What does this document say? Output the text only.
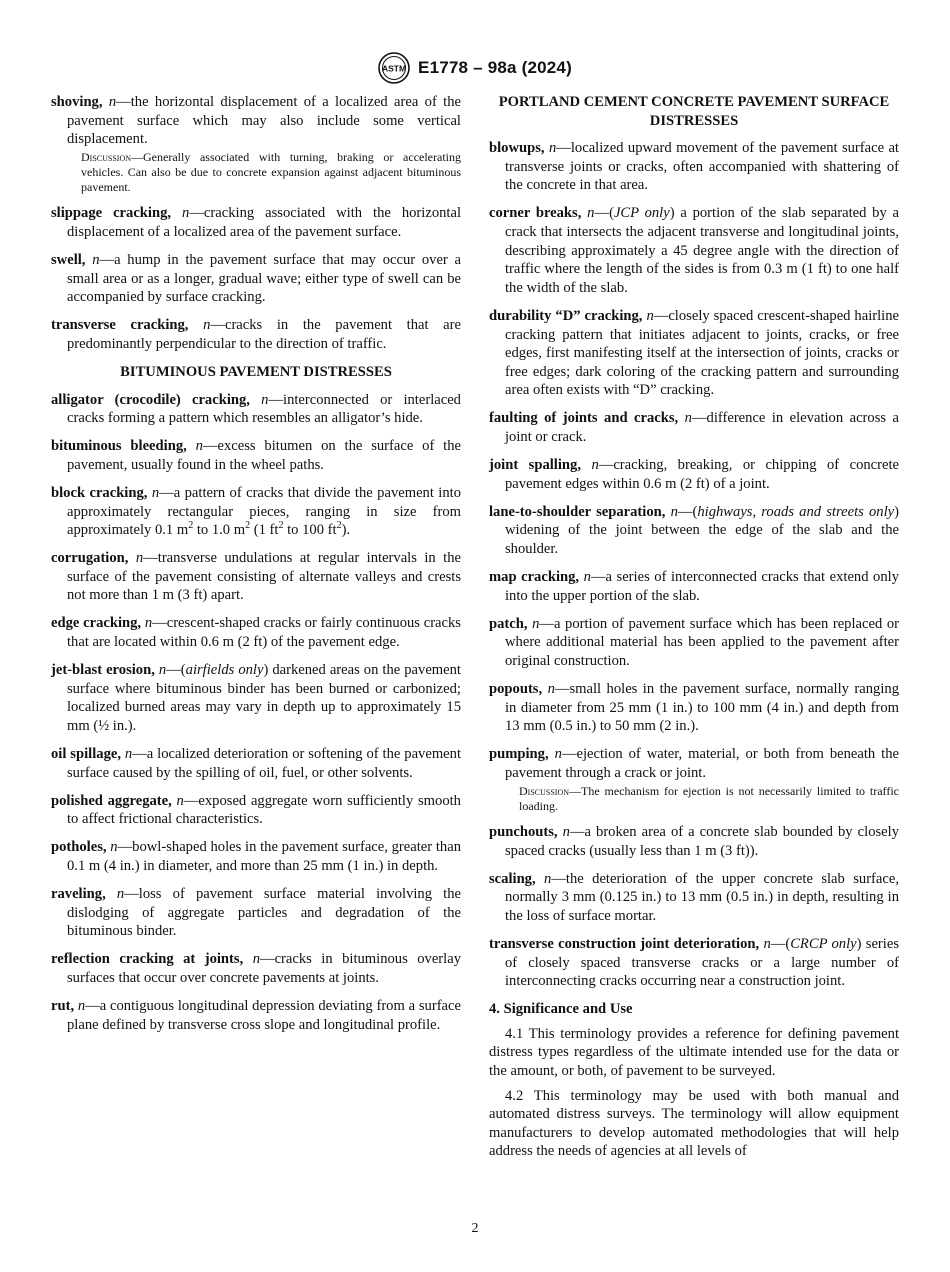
ASTM E1778 – 98a (2024)
shoving, n—the horizontal displacement of a localized area of the pavement surface which may also include some vertical displacement.
Discussion—Generally associated with turning, braking or accelerating vehicles. Can also be due to concrete expansion against adjacent bituminous pavement.
slippage cracking, n—cracking associated with the horizontal displacement of a localized area of the pavement surface.
swell, n—a hump in the pavement surface that may occur over a small area or as a longer, gradual wave; either type of swell can be accompanied by surface cracking.
transverse cracking, n—cracks in the pavement that are predominantly perpendicular to the direction of traffic.
BITUMINOUS PAVEMENT DISTRESSES
alligator (crocodile) cracking, n—interconnected or interlaced cracks forming a pattern which resembles an alligator’s hide.
bituminous bleeding, n—excess bitumen on the surface of the pavement, usually found in the wheel paths.
block cracking, n—a pattern of cracks that divide the pavement into approximately rectangular pieces, ranging in size from approximately 0.1 $m^2$ to 1.0 $m^2$ (1 $ft^2$ to 100 $ft^2$).
corrugation, n—transverse undulations at regular intervals in the surface of the pavement consisting of alternate valleys and crests not more than 1 m (3 ft) apart.
edge cracking, n—crescent-shaped cracks or fairly continuous cracks that are located within 0.6 m (2 ft) of the pavement edge.
jet-blast erosion, n—(airfields only) darkened areas on the pavement surface where bituminous binder has been burned or carbonized; localized burned areas may vary in depth up to approximately 15 mm (½ in.).
oil spillage, n—a localized deterioration or softening of the pavement surface caused by the spilling of oil, fuel, or other solvents.
polished aggregate, n—exposed aggregate worn sufficiently smooth to affect frictional characteristics.
potholes, n—bowl-shaped holes in the pavement surface, greater than 0.1 m (4 in.) in diameter, and more than 25 mm (1 in.) in depth.
raveling, n—loss of pavement surface material involving the dislodging of aggregate particles and degradation of the bituminous binder.
reflection cracking at joints, n—cracks in bituminous overlay surfaces that occur over concrete pavements at joints.
rut, n—a contiguous longitudinal depression deviating from a surface plane defined by transverse cross slope and longitudinal profile.
PORTLAND CEMENT CONCRETE PAVEMENT SURFACE DISTRESSES
blowups, n—localized upward movement of the pavement surface at transverse joints or cracks, often accompanied with shattering of the concrete in that area.
corner breaks, n—(JCP only) a portion of the slab separated by a crack that intersects the adjacent transverse and longitudinal joints, describing approximately a 45 degree angle with the direction of traffic where the length of the sides is from 0.3 m (1 ft) to one half the width of the slab.
durability “D” cracking, n—closely spaced crescent-shaped hairline cracking pattern that initiates adjacent to joints, cracks, or free edges, first manifesting itself at the intersection of joints, cracks or free edges; dark coloring of the cracking pattern and surrounding area often exists with “D” cracking.
faulting of joints and cracks, n—difference in elevation across a joint or crack.
joint spalling, n—cracking, breaking, or chipping of concrete pavement edges within 0.6 m (2 ft) of a joint.
lane-to-shoulder separation, n—(highways, roads and streets only) widening of the joint between the edge of the slab and the shoulder.
map cracking, n—a series of interconnected cracks that extend only into the upper portion of the slab.
patch, n—a portion of pavement surface which has been replaced or where additional material has been applied to the pavement after original construction.
popouts, n—small holes in the pavement surface, normally ranging in diameter from 25 mm (1 in.) to 100 mm (4 in.) and depth from 13 mm (0.5 in.) to 50 mm (2 in.).
pumping, n—ejection of water, material, or both from beneath the pavement through a crack or joint.
Discussion—The mechanism for ejection is not necessarily limited to traffic loading.
punchouts, n—a broken area of a concrete slab bounded by closely spaced cracks (usually less than 1 m (3 ft)).
scaling, n—the deterioration of the upper concrete slab surface, normally 3 mm (0.125 in.) to 13 mm (0.5 in.) in depth, resulting in the loss of surface mortar.
transverse construction joint deterioration, n—(CRCP only) series of closely spaced transverse cracks or a large number of interconnecting cracks occurring near a construction joint.
4. Significance and Use

4.1 This terminology provides a reference for defining pavement distress types regardless of the ultimate intended use for the data or the amount, or both, of pavement to be surveyed.

4.2 This terminology may be used with both manual and automated distress surveys. The terminology will allow equipment manufacturers to develop automated methodologies that will help address the needs of agencies at all levels of

2
